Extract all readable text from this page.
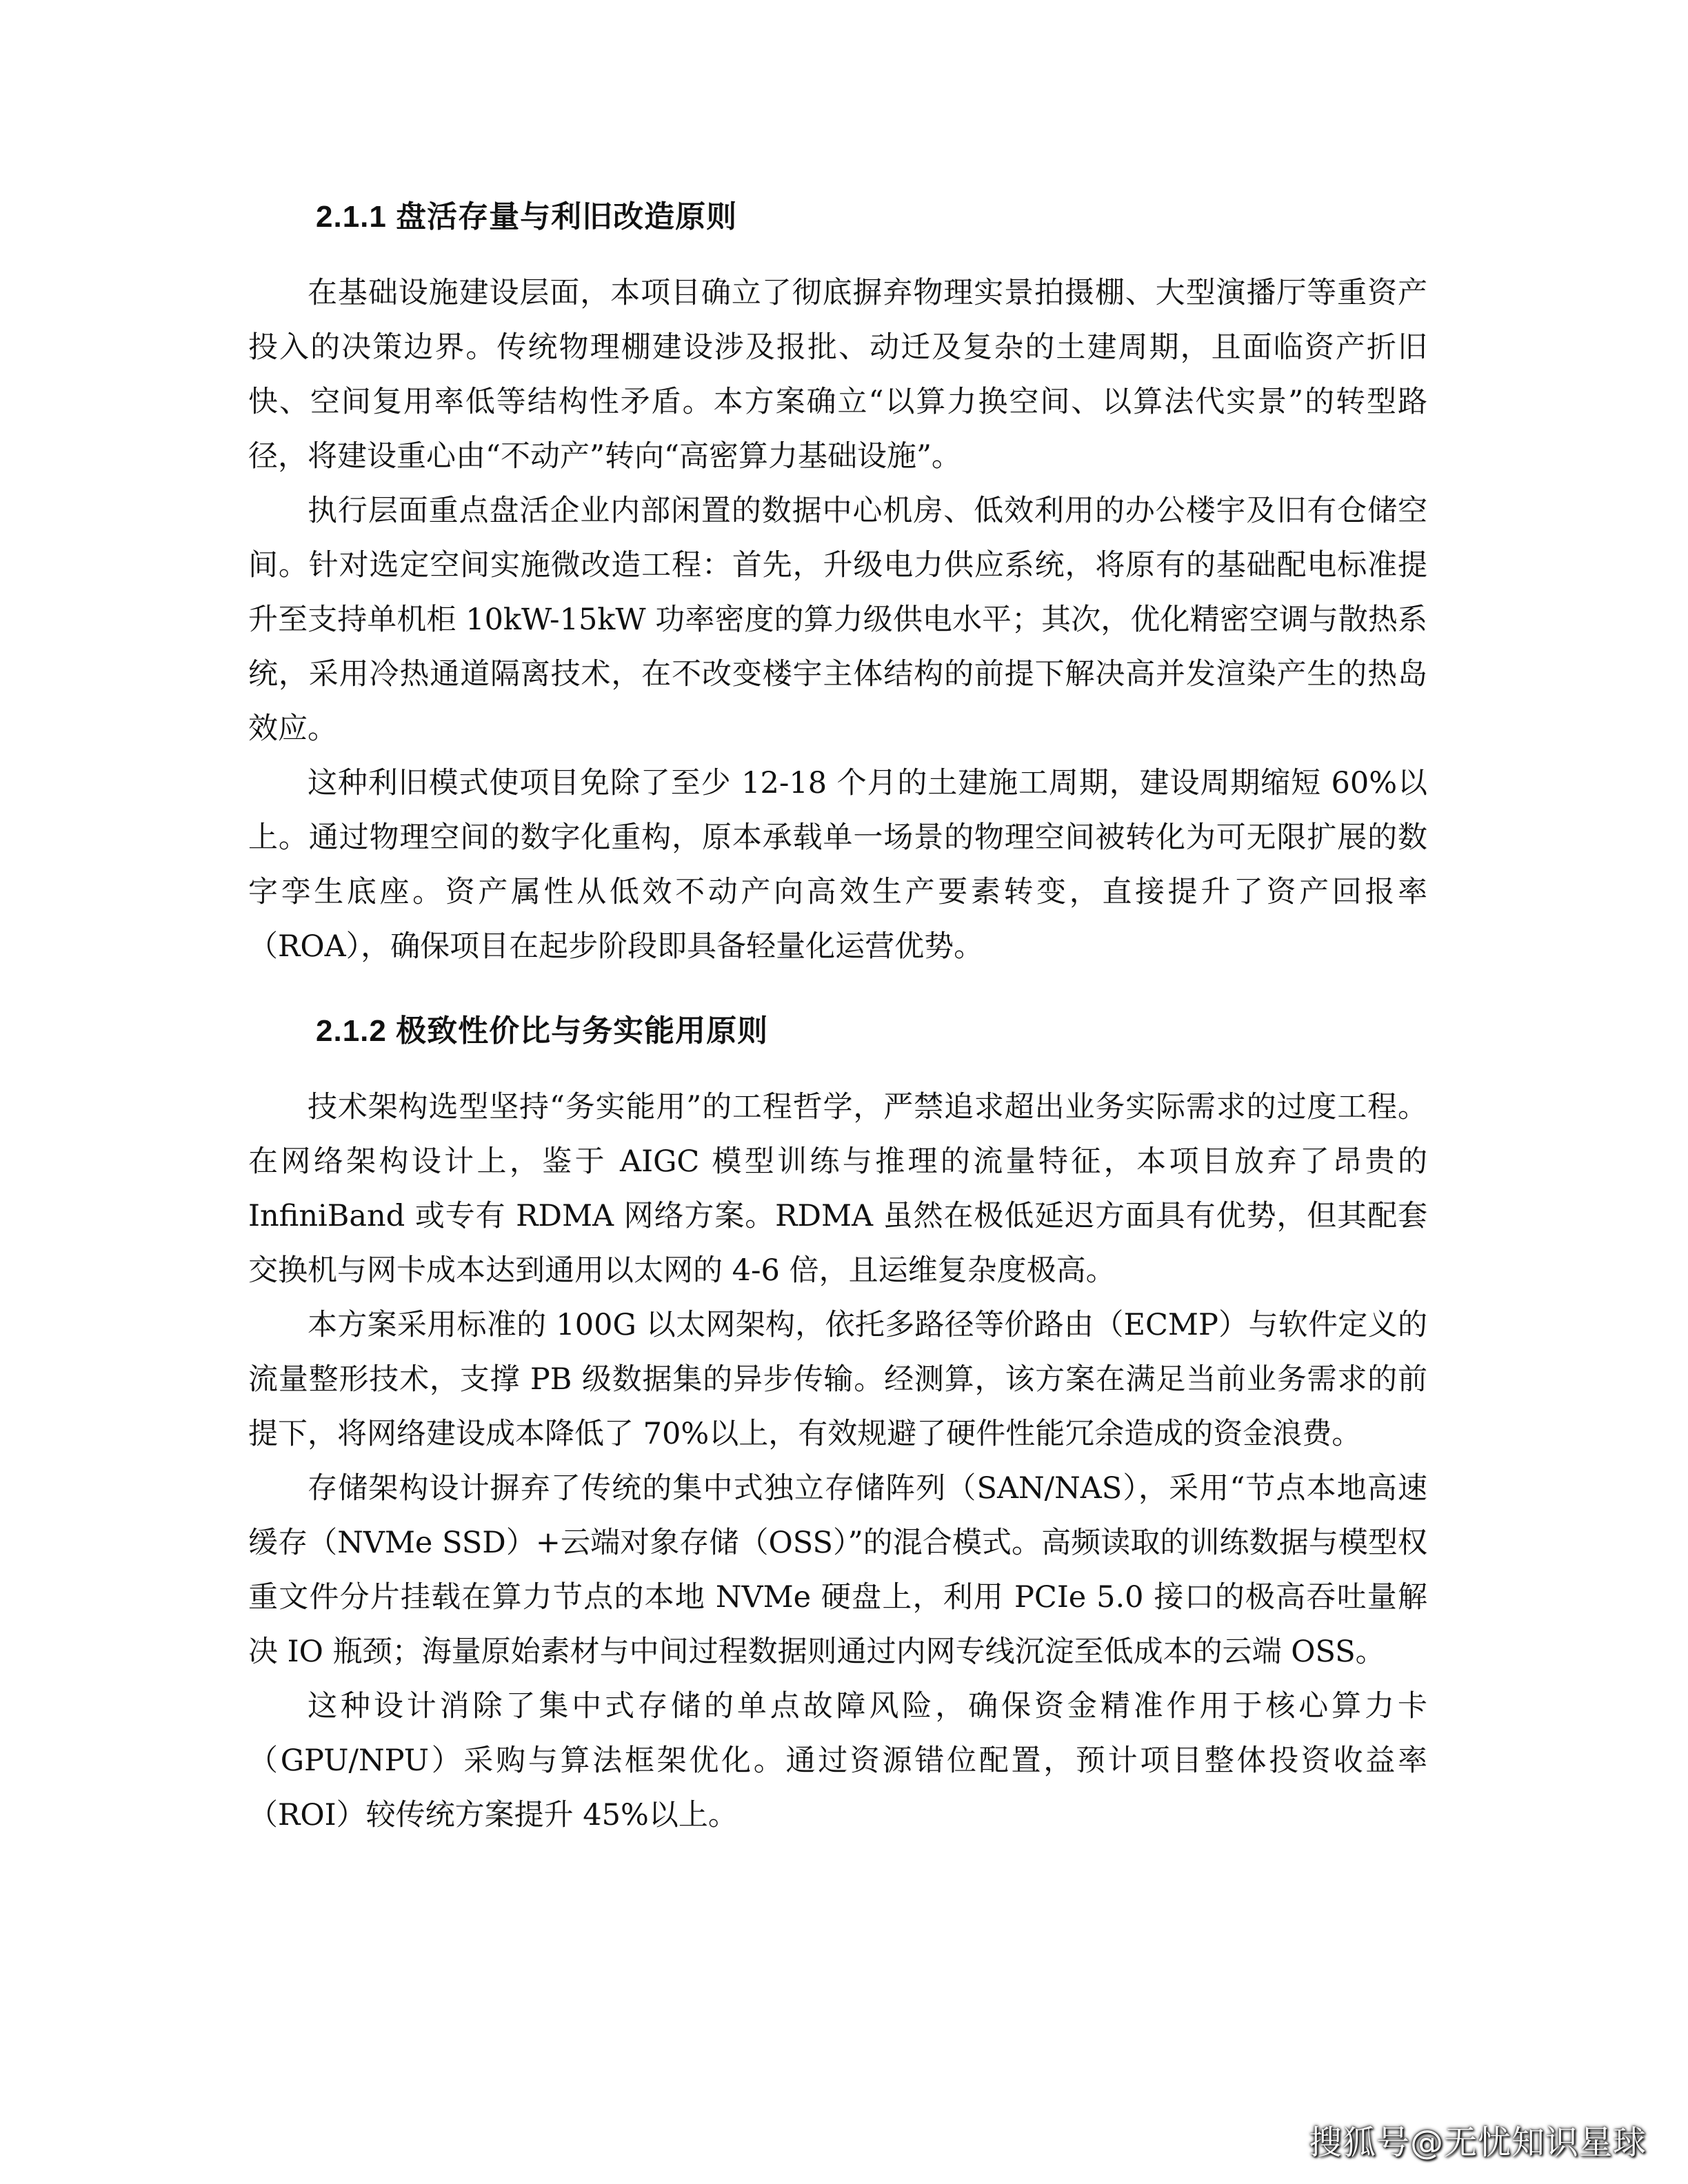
2.1.1 盘活存量与利旧改造原则

在基础设施建设层面，本项目确立了彻底摒弃物理实景拍摄棚、大型演播厅等重资产投入的决策边界。传统物理棚建设涉及报批、动迁及复杂的土建周期，且面临资产折旧快、空间复用率低等结构性矛盾。本方案确立“以算力换空间、以算法代实景”的转型路径，将建设重心由“不动产”转向“高密算力基础设施”。

执行层面重点盘活企业内部闲置的数据中心机房、低效利用的办公楼宇及旧有仓储空间。针对选定空间实施微改造工程：首先，升级电力供应系统，将原有的基础配电标准提升至支持单机柜 10kW-15kW 功率密度的算力级供电水平；其次，优化精密空调与散热系统，采用冷热通道隔离技术，在不改变楼宇主体结构的前提下解决高并发渲染产生的热岛效应。

这种利旧模式使项目免除了至少 12-18 个月的土建施工周期，建设周期缩短 60%以上。通过物理空间的数字化重构，原本承载单一场景的物理空间被转化为可无限扩展的数字孪生底座。资产属性从低效不动产向高效生产要素转变，直接提升了资产回报率（ROA），确保项目在起步阶段即具备轻量化运营优势。

2.1.2 极致性价比与务实能用原则

技术架构选型坚持“务实能用”的工程哲学，严禁追求超出业务实际需求的过度工程。在网络架构设计上，鉴于 AIGC 模型训练与推理的流量特征，本项目放弃了昂贵的 InfiniBand 或专有 RDMA 网络方案。RDMA 虽然在极低延迟方面具有优势，但其配套交换机与网卡成本达到通用以太网的 4-6 倍，且运维复杂度极高。

本方案采用标准的 100G 以太网架构，依托多路径等价路由（ECMP）与软件定义的流量整形技术，支撑 PB 级数据集的异步传输。经测算，该方案在满足当前业务需求的前提下，将网络建设成本降低了 70%以上，有效规避了硬件性能冗余造成的资金浪费。

存储架构设计摒弃了传统的集中式独立存储阵列（SAN/NAS），采用“节点本地高速缓存（NVMe SSD）+云端对象存储（OSS）”的混合模式。高频读取的训练数据与模型权重文件分片挂载在算力节点的本地 NVMe 硬盘上，利用 PCIe 5.0 接口的极高吞吐量解决 IO 瓶颈；海量原始素材与中间过程数据则通过内网专线沉淀至低成本的云端 OSS。

这种设计消除了集中式存储的单点故障风险，确保资金精准作用于核心算力卡（GPU/NPU）采购与算法框架优化。通过资源错位配置，预计项目整体投资收益率（ROI）较传统方案提升 45%以上。

搜狐号@无忧知识星球
